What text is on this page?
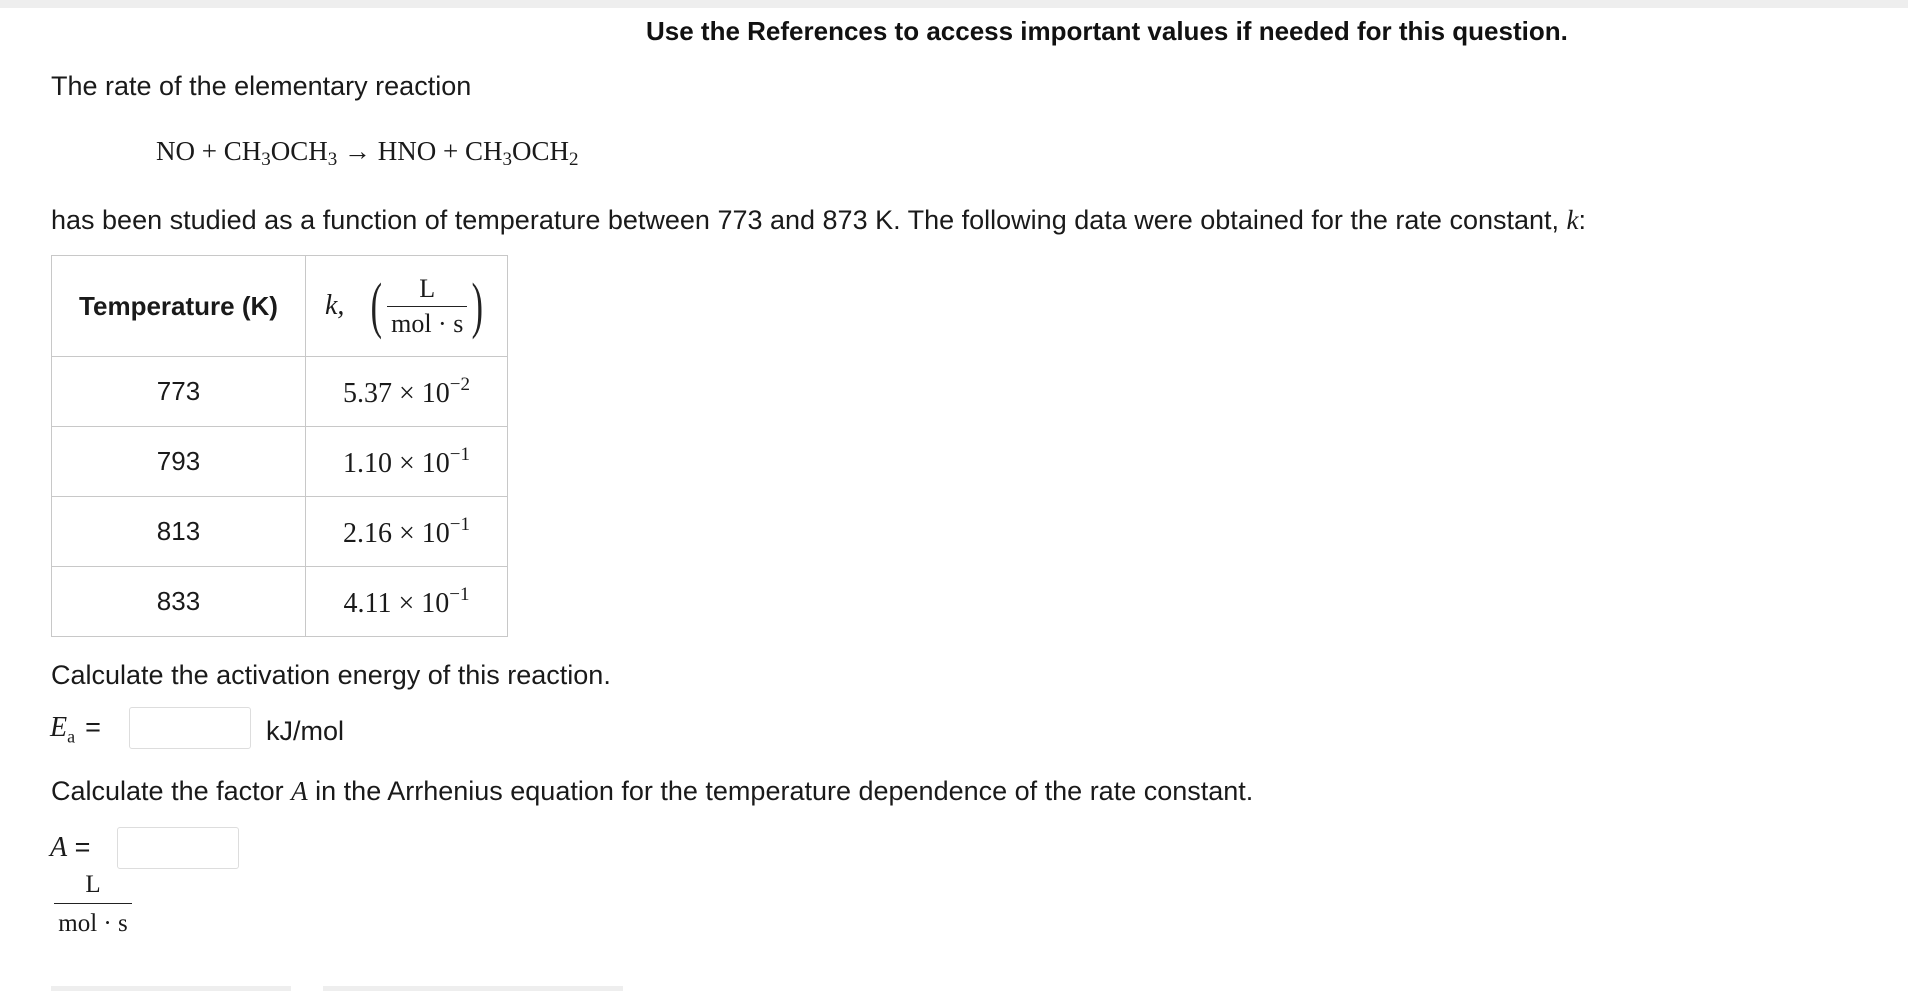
Use the References to access important values if needed for this question.
The rate of the elementary reaction
NO + $CH_3OCH_3$ → HNO + $CH_3OCH_2$
has been studied as a function of temperature between 773 and 873 K. The following data were obtained for the rate constant, k:
Temperature (K)	k, ( $\frac{L}{\text{mol · s}}$ )

773	$5.37 \times 10^{-2}$
793	$1.10 \times 10^{-1}$
813	$2.16 \times 10^{-1}$
833	$4.11 \times 10^{-1}$
Calculate the activation energy of this reaction.
$E_a$ =	kJ/mol
Calculate the factor A in the Arrhenius equation for the temperature dependence of the rate constant.
A =
L
mol · s
